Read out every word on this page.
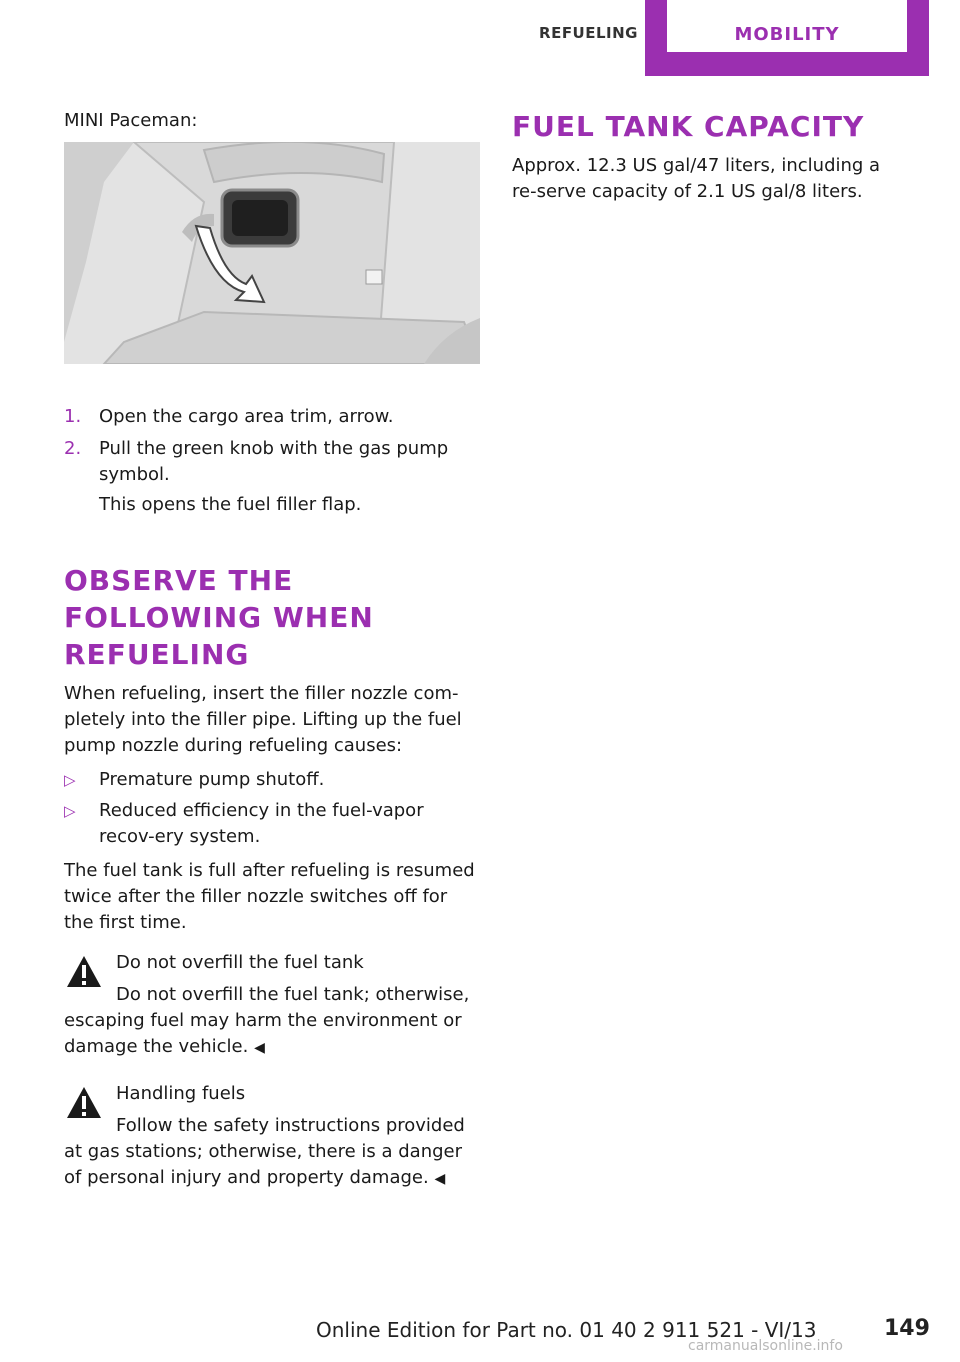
REFUELING	MOBILITY

MINI Paceman:

1. Open the cargo area trim, arrow.
2. Pull the green knob with the gas pump symbol.
This opens the fuel filler flap.
OBSERVE THE FOLLOWING WHEN REFUELING

When refueling, insert the filler nozzle com-pletely into the filler pipe. Lifting up the fuel pump nozzle during refueling causes:

▷ Premature pump shutoff.
▷ Reduced efficiency in the fuel-vapor recov-ery system.

The fuel tank is full after refueling is resumed twice after the filler nozzle switches off for the first time.

Do not overfill the fuel tank

Do not overfill the fuel tank; otherwise, escaping fuel may harm the environment or damage the vehicle. ◀

Handling fuels

Follow the safety instructions provided at gas stations; otherwise, there is a danger of personal injury and property damage. ◀

FUEL TANK CAPACITY

Approx. 12.3 US gal/47 liters, including a re-serve capacity of 2.1 US gal/8 liters.

Online Edition for Part no. 01 40 2 911 521 - VI/13	149
carmanualsonline.info
